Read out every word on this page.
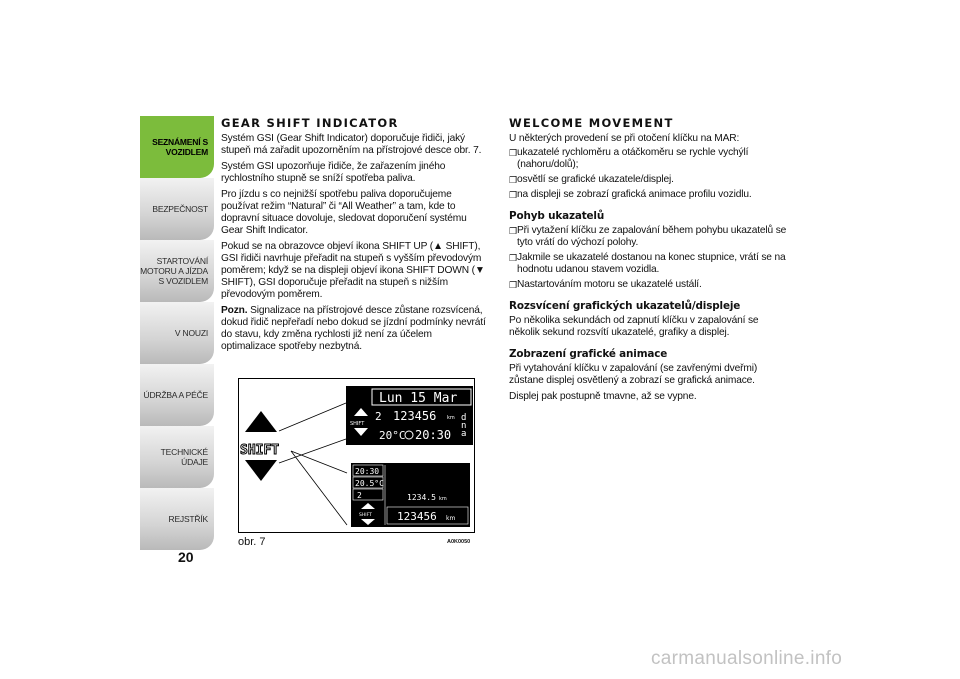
SEZNÁMENÍ S VOZIDLEM
BEZPEČNOST
STARTOVÁNÍ MOTORU A JÍZDA S VOZIDLEM
V NOUZI
ÚDRŽBA A PÉČE
TECHNICKÉ ÚDAJE
REJSTŘÍK
20
GEAR SHIFT INDICATOR

Systém GSI (Gear Shift Indicator) doporučuje řidiči, jaký stupeň má zařadit upozorněním na přístrojové desce obr. 7.

Systém GSI upozorňuje řidiče, že zařazením jiného rychlostního stupně se sníží spotřeba paliva.

Pro jízdu s co nejnižší spotřebu paliva doporučujeme používat režim “Natural” či “All Weather” a tam, kde to dopravní situace dovoluje, sledovat doporučení systému Gear Shift Indicator.

Pokud se na obrazovce objeví ikona SHIFT UP (▲ SHIFT), GSI řidiči navrhuje přeřadit na stupeň s vyšším převodovým poměrem; když se na displeji objeví ikona SHIFT DOWN (▼ SHIFT), GSI doporučuje přeřadit na stupeň s nižším převodovým poměrem.

Pozn. Signalizace na přístrojové desce zůstane rozsvícená, dokud řidič nepřeřadí nebo dokud se jízdní podmínky nevrátí do stavu, kdy změna rychlosti již není za účelem optimalizace spotřeby nezbytná.

SHIFT
Lun 15 Mar
SHIFT
2 123456 km
20°C 20:30
d n a
20:30
20.5°C
2
SHIFT
1234.5 km
123456 km
obr. 7	A0K0050
WELCOME MOVEMENT

U některých provedení se při otočení klíčku na MAR:

❒ ukazatelé rychloměru a otáčkoměru se rychle vychýlí (nahoru/dolů);
❒ osvětlí se grafické ukazatele/displej.
❒ na displeji se zobrazí grafická animace profilu vozidlu.
Pohyb ukazatelů
❒ Při vytažení klíčku ze zapalování během pohybu ukazatelů se tyto vrátí do výchozí polohy.
❒ Jakmile se ukazatelé dostanou na konec stupnice, vrátí se na hodnotu udanou stavem vozidla.
❒ Nastartováním motoru se ukazatelé ustálí.
Rozsvícení grafických ukazatelů/displeje

Po několika sekundách od zapnutí klíčku v zapalování se několik sekund rozsvítí ukazatelé, grafiky a displej.

Zobrazení grafické animace

Při vytahování klíčku v zapalování (se zavřenými dveřmi) zůstane displej osvětlený a zobrazí se grafická animace.

Displej pak postupně tmavne, až se vypne.

carmanualsonline.info
